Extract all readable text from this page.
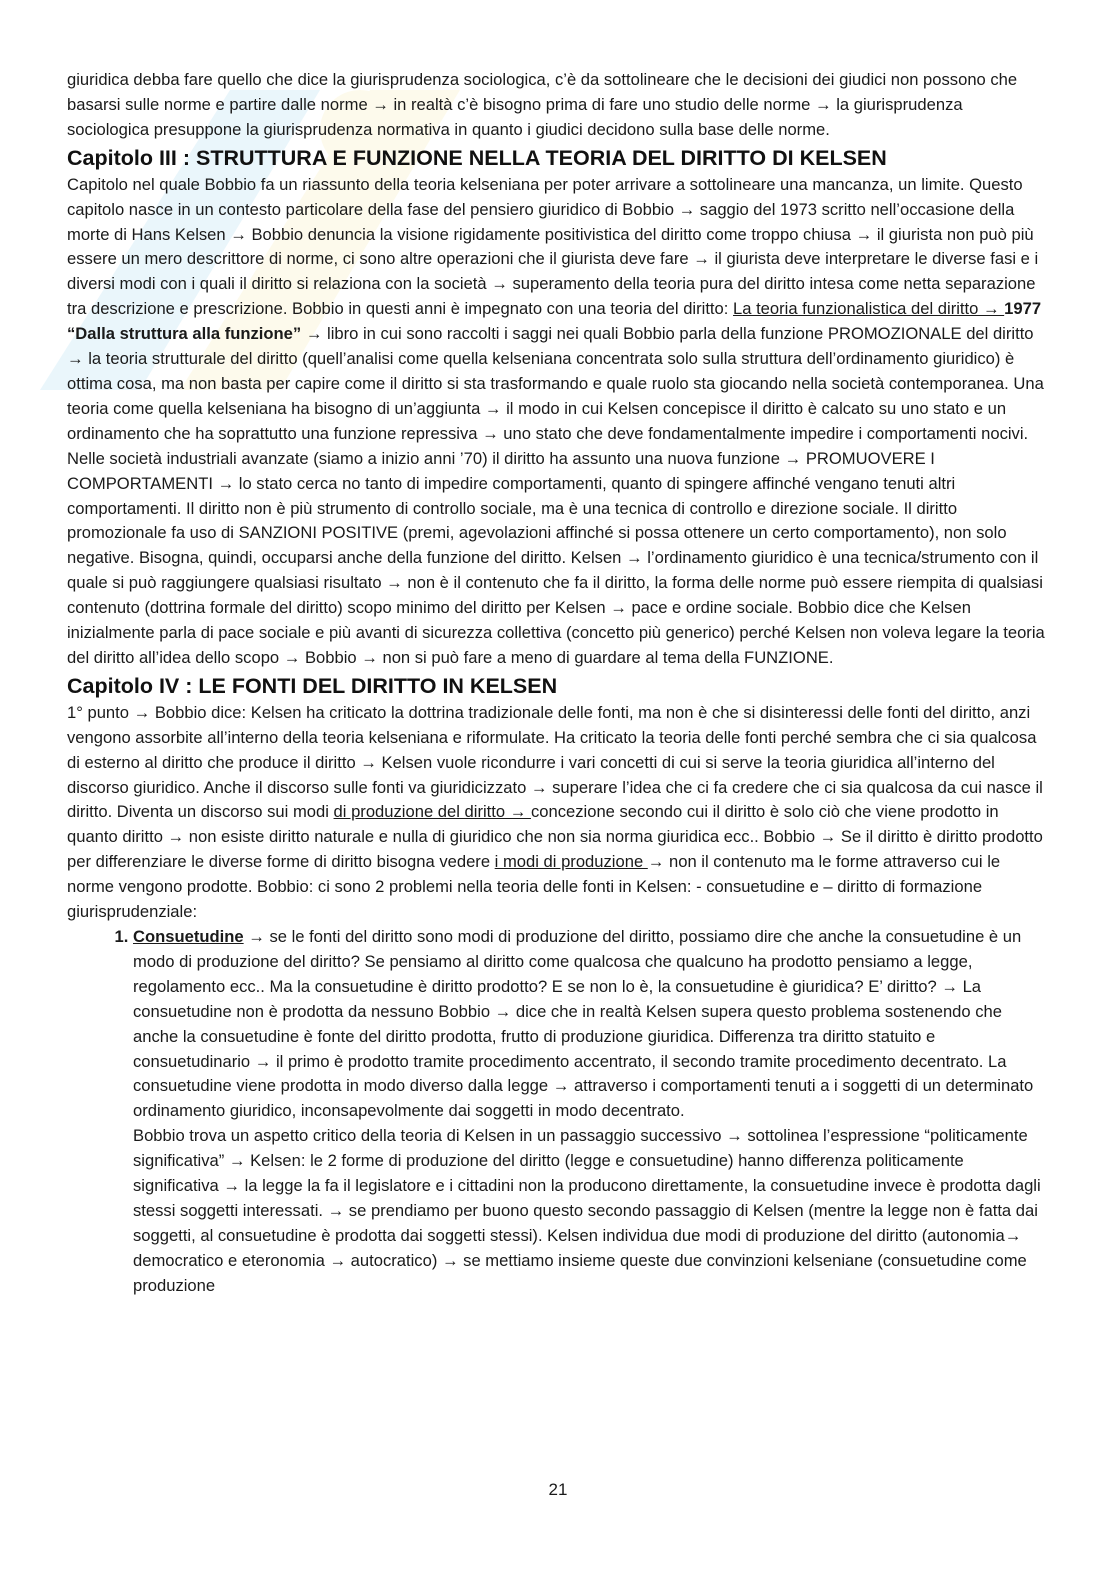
giuridica debba fare quello che dice la giurisprudenza sociologica, c’è da sottolineare che le decisioni dei giudici non possono che basarsi sulle norme e partire dalle norme → in realtà c’è bisogno prima di fare uno studio delle norme → la giurisprudenza sociologica presuppone la giurisprudenza normativa in quanto i giudici decidono sulla base delle norme.

Capitolo III : STRUTTURA E FUNZIONE NELLA TEORIA DEL DIRITTO DI KELSEN

Capitolo nel quale Bobbio fa un riassunto della teoria kelseniana per poter arrivare a sottolineare una mancanza, un limite. Questo capitolo nasce in un contesto particolare della fase del pensiero giuridico di Bobbio → saggio del 1973 scritto nell’occasione della morte di Hans Kelsen → Bobbio denuncia la visione rigidamente positivistica del diritto come troppo chiusa → il giurista non può più essere un mero descrittore di norme, ci sono altre operazioni che il giurista deve fare → il giurista deve interpretare le diverse fasi e i diversi modi con i quali il diritto si relaziona con la società → superamento della teoria pura del diritto intesa come netta separazione tra descrizione e prescrizione. Bobbio in questi anni è impegnato con una teoria del diritto: La teoria funzionalistica del diritto → 1977 “Dalla struttura alla funzione” → libro in cui sono raccolti i saggi nei quali Bobbio parla della funzione PROMOZIONALE del diritto → la teoria strutturale del diritto (quell’analisi come quella kelseniana concentrata solo sulla struttura dell’ordinamento giuridico) è ottima cosa, ma non basta per capire come il diritto si sta trasformando e quale ruolo sta giocando nella società contemporanea. Una teoria come quella kelseniana ha bisogno di un’aggiunta → il modo in cui Kelsen concepisce il diritto è calcato su uno stato e un ordinamento che ha soprattutto una funzione repressiva → uno stato che deve fondamentalmente impedire i comportamenti nocivi. Nelle società industriali avanzate (siamo a inizio anni ’70) il diritto ha assunto una nuova funzione → PROMUOVERE I COMPORTAMENTI → lo stato cerca no tanto di impedire comportamenti, quanto di spingere affinché vengano tenuti altri comportamenti. Il diritto non è più strumento di controllo sociale, ma è una tecnica di controllo e direzione sociale. Il diritto promozionale fa uso di SANZIONI POSITIVE (premi, agevolazioni affinché si possa ottenere un certo comportamento), non solo negative. Bisogna, quindi, occuparsi anche della funzione del diritto. Kelsen → l’ordinamento giuridico è una tecnica/strumento con il quale si può raggiungere qualsiasi risultato → non è il contenuto che fa il diritto, la forma delle norme può essere riempita di qualsiasi contenuto (dottrina formale del diritto) scopo minimo del diritto per Kelsen → pace e ordine sociale. Bobbio dice che Kelsen inizialmente parla di pace sociale e più avanti di sicurezza collettiva (concetto più generico) perché Kelsen non voleva legare la teoria del diritto all’idea dello scopo → Bobbio → non si può fare a meno di guardare al tema della FUNZIONE.

Capitolo IV : LE FONTI DEL DIRITTO IN KELSEN

1° punto → Bobbio dice: Kelsen ha criticato la dottrina tradizionale delle fonti, ma non è che si disinteressi delle fonti del diritto, anzi vengono assorbite all’interno della teoria kelseniana e riformulate. Ha criticato la teoria delle fonti perché sembra che ci sia qualcosa di esterno al diritto che produce il diritto → Kelsen vuole ricondurre i vari concetti di cui si serve la teoria giuridica all’interno del discorso giuridico. Anche il discorso sulle fonti va giuridicizzato → superare l’idea che ci fa credere che ci sia qualcosa da cui nasce il diritto. Diventa un discorso sui modi di produzione del diritto → concezione secondo cui il diritto è solo ciò che viene prodotto in quanto diritto → non esiste diritto naturale e nulla di giuridico che non sia norma giuridica ecc.. Bobbio → Se il diritto è diritto prodotto per differenziare le diverse forme di diritto bisogna vedere i modi di produzione → non il contenuto ma le forme attraverso cui le norme vengono prodotte. Bobbio: ci sono 2 problemi nella teoria delle fonti in Kelsen: - consuetudine e – diritto di formazione giurisprudenziale:

1. Consuetudine → se le fonti del diritto sono modi di produzione del diritto, possiamo dire che anche la consuetudine è un modo di produzione del diritto? Se pensiamo al diritto come qualcosa che qualcuno ha prodotto pensiamo a legge, regolamento ecc.. Ma la consuetudine è diritto prodotto? E se non lo è, la consuetudine è giuridica? E’ diritto? → La consuetudine non è prodotta da nessuno Bobbio → dice che in realtà Kelsen supera questo problema sostenendo che anche la consuetudine è fonte del diritto prodotta, frutto di produzione giuridica. Differenza tra diritto statuito e consuetudinario → il primo è prodotto tramite procedimento accentrato, il secondo tramite procedimento decentrato. La consuetudine viene prodotta in modo diverso dalla legge → attraverso i comportamenti tenuti a i soggetti di un determinato ordinamento giuridico, inconsapevolmente dai soggetti in modo decentrato.

Bobbio trova un aspetto critico della teoria di Kelsen in un passaggio successivo → sottolinea l’espressione “politicamente significativa” → Kelsen: le 2 forme di produzione del diritto (legge e consuetudine) hanno differenza politicamente significativa → la legge la fa il legislatore e i cittadini non la producono direttamente, la consuetudine invece è prodotta dagli stessi soggetti interessati. → se prendiamo per buono questo secondo passaggio di Kelsen (mentre la legge non è fatta dai soggetti, al consuetudine è prodotta dai soggetti stessi). Kelsen individua due modi di produzione del diritto (autonomia→ democratico e eteronomia → autocratico) → se mettiamo insieme queste due convinzioni kelseniane (consuetudine come produzione

21
